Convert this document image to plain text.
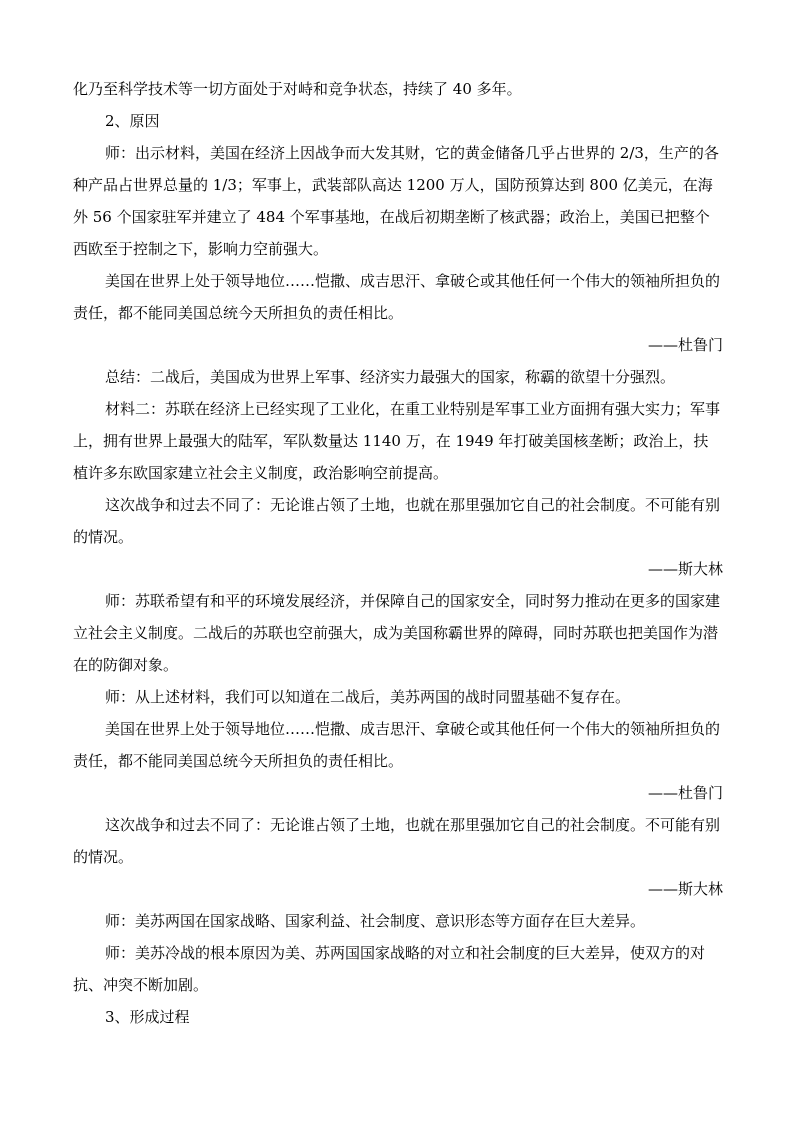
化乃至科学技术等一切方面处于对峙和竞争状态，持续了 40 多年。

2、原因

师：出示材料，美国在经济上因战争而大发其财，它的黄金储备几乎占世界的 2/3，生产的各种产品占世界总量的 1/3；军事上，武装部队高达 1200 万人，国防预算达到 800 亿美元，在海外 56 个国家驻军并建立了 484 个军事基地，在战后初期垄断了核武器；政治上，美国已把整个西欧至于控制之下，影响力空前强大。

美国在世界上处于领导地位……恺撒、成吉思汗、拿破仑或其他任何一个伟大的领袖所担负的责任，都不能同美国总统今天所担负的责任相比。

——杜鲁门

总结：二战后，美国成为世界上军事、经济实力最强大的国家，称霸的欲望十分强烈。

材料二：苏联在经济上已经实现了工业化，在重工业特别是军事工业方面拥有强大实力；军事上，拥有世界上最强大的陆军，军队数量达 1140 万，在 1949 年打破美国核垄断；政治上，扶植许多东欧国家建立社会主义制度，政治影响空前提高。

这次战争和过去不同了：无论谁占领了土地，也就在那里强加它自己的社会制度。不可能有别的情况。

——斯大林

师：苏联希望有和平的环境发展经济，并保障自己的国家安全，同时努力推动在更多的国家建立社会主义制度。二战后的苏联也空前强大，成为美国称霸世界的障碍，同时苏联也把美国作为潜在的防御对象。

师：从上述材料，我们可以知道在二战后，美苏两国的战时同盟基础不复存在。

美国在世界上处于领导地位……恺撒、成吉思汗、拿破仑或其他任何一个伟大的领袖所担负的责任，都不能同美国总统今天所担负的责任相比。

——杜鲁门

这次战争和过去不同了：无论谁占领了土地，也就在那里强加它自己的社会制度。不可能有别的情况。

——斯大林

师：美苏两国在国家战略、国家利益、社会制度、意识形态等方面存在巨大差异。

师：美苏冷战的根本原因为美、苏两国国家战略的对立和社会制度的巨大差异，使双方的对抗、冲突不断加剧。

3、形成过程
